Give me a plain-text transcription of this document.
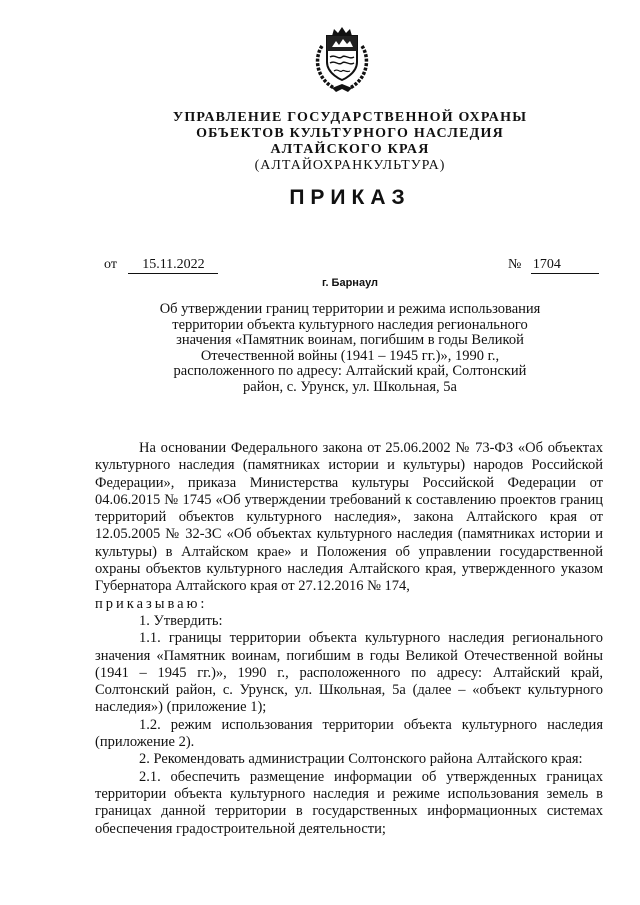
УПРАВЛЕНИЕ ГОСУДАРСТВЕННОЙ ОХРАНЫ
ОБЪЕКТОВ КУЛЬТУРНОГО НАСЛЕДИЯ
АЛТАЙСКОГО КРАЯ
(АЛТАЙОХРАНКУЛЬТУРА)
ПРИКАЗ
от 15.11.2022	№ 1704
г. Барнаул
Об утверждении границ территории и режима использования
территории объекта культурного наследия регионального
значения «Памятник воинам, погибшим в годы Великой
Отечественной войны (1941 – 1945 гг.)», 1990 г.,
расположенного по адресу: Алтайский край, Солтонский
район, с. Урунск, ул. Школьная, 5а

На основании Федерального закона от 25.06.2002 № 73-ФЗ «Об объектах культурного наследия (памятниках истории и культуры) народов Российской Федерации», приказа Министерства культуры Российской Федерации от 04.06.2015 № 1745 «Об утверждении требований к составлению проектов границ территорий объектов культурного наследия», закона Алтайского края от 12.05.2005 № 32-ЗС «Об объектах культурного наследия (памятниках истории и культуры) в Алтайском крае» и Положения об управлении государственной охраны объектов культурного наследия Алтайского края, утвержденного указом Губернатора Алтайского края от 27.12.2016 № 174,

приказываю:

1. Утвердить:

1.1. границы территории объекта культурного наследия регионального значения «Памятник воинам, погибшим в годы Великой Отечественной войны (1941 – 1945 гг.)», 1990 г., расположенного по адресу: Алтайский край, Солтонский район, с. Урунск, ул. Школьная, 5а (далее – «объект культурного наследия») (приложение 1);

1.2. режим использования территории объекта культурного наследия (приложение 2).

2. Рекомендовать администрации Солтонского района Алтайского края:

2.1. обеспечить размещение информации об утвержденных границах территории объекта культурного наследия и режиме использования земель в границах данной территории в государственных информационных системах обеспечения градостроительной деятельности;
